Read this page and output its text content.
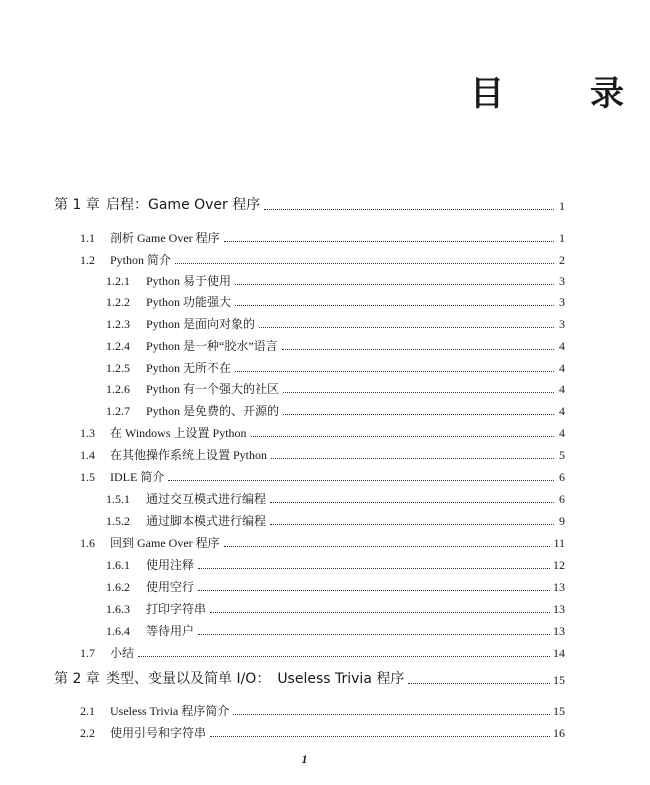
目　录
第 1 章 启程：Game Over 程序	1
1.1	剖析 Game Over 程序	1
1.2	Python 简介	2
1.2.1	Python 易于使用	3
1.2.2	Python 功能强大	3
1.2.3	Python 是面向对象的	3
1.2.4	Python 是一种“胶水”语言	4
1.2.5	Python 无所不在	4
1.2.6	Python 有一个强大的社区	4
1.2.7	Python 是免费的、开源的	4
1.3	在 Windows 上设置 Python	4
1.4	在其他操作系统上设置 Python	5
1.5	IDLE 简介	6
1.5.1	通过交互模式进行编程	6
1.5.2	通过脚本模式进行编程	9
1.6	回到 Game Over 程序	11
1.6.1	使用注释	12
1.6.2	使用空行	13
1.6.3	打印字符串	13
1.6.4	等待用户	13
1.7	小结	14
第 2 章 类型、变量以及简单 I/O：　Useless Trivia 程序	15
2.1	Useless Trivia 程序简介	15
2.2	使用引号和字符串	16
1
